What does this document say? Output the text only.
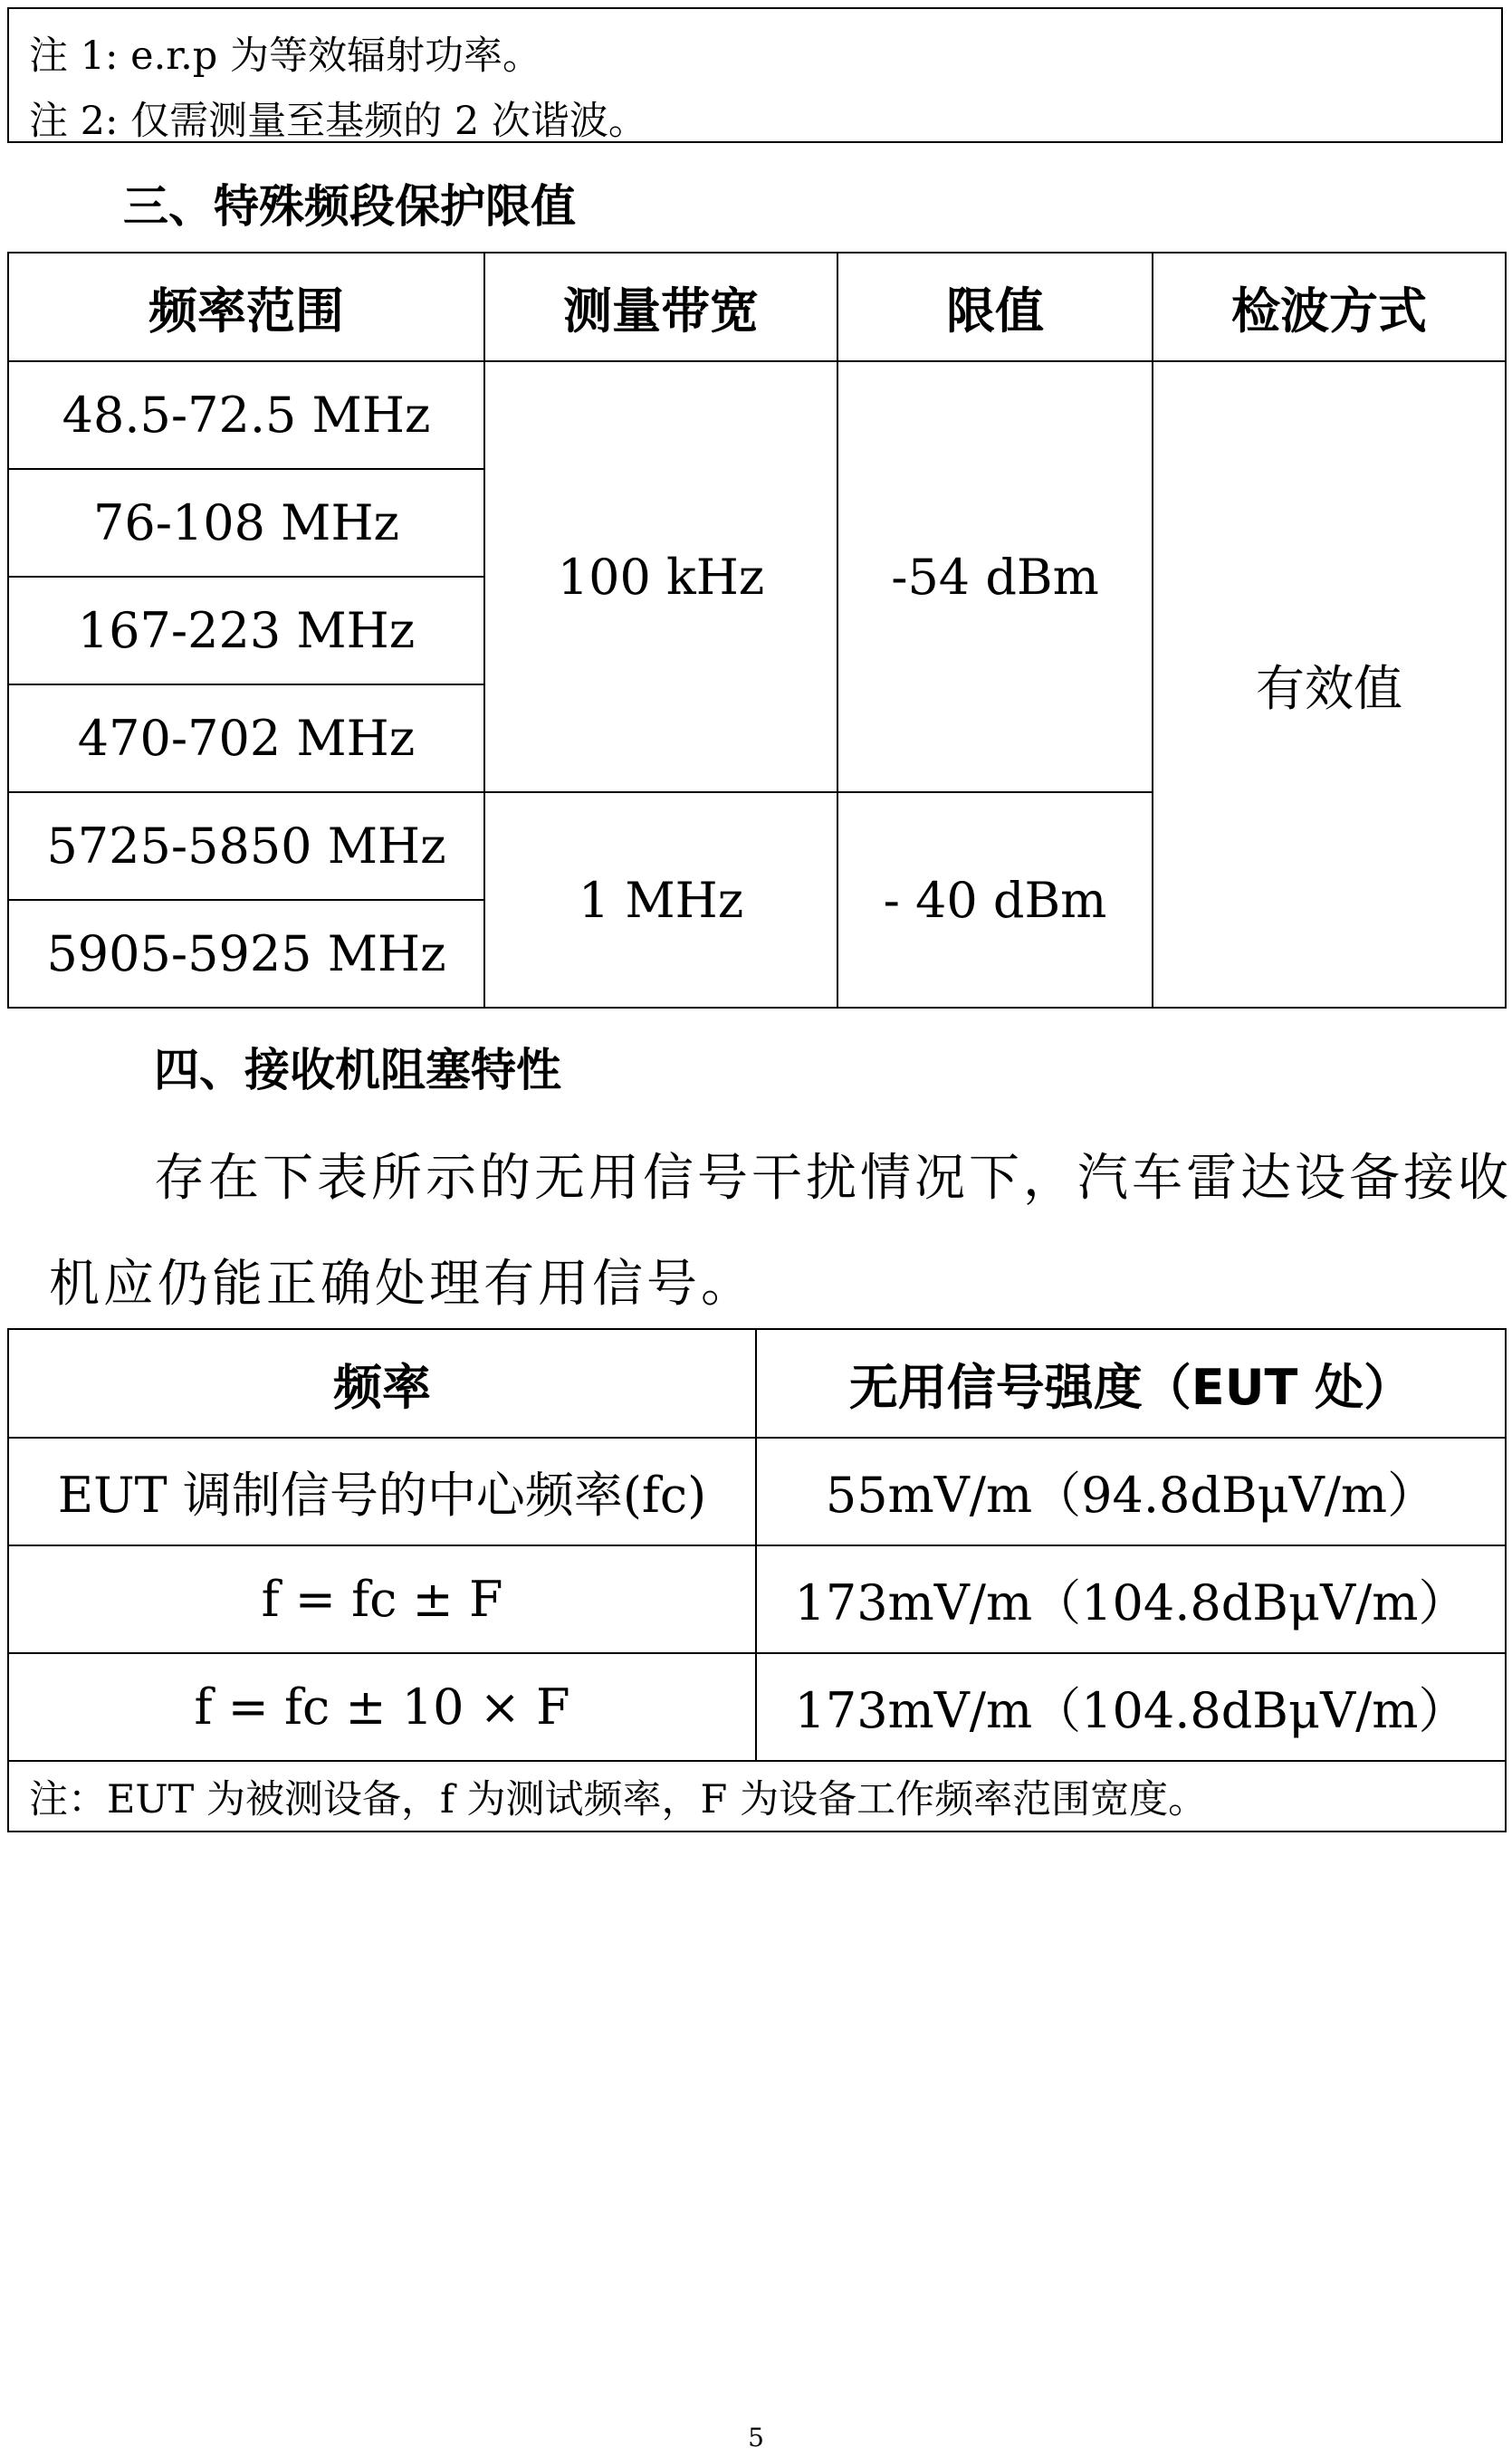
注 1: e.r.p 为等效辐射功率。
注 2: 仅需测量至基频的 2 次谐波。
三、特殊频段保护限值
频率范围	测量带宽	限值	检波方式
48.5-72.5 MHz	100 kHz	-54 dBm	有效值
76-108 MHz			
167-223 MHz			
470-702 MHz			
5725-5850 MHz	1 MHz	- 40 dBm	
5905-5925 MHz			
四、接收机阻塞特性
存在下表所示的无用信号干扰情况下，汽车雷达设备接收
机应仍能正确处理有用信号。
频率	无用信号强度（EUT 处）
EUT 调制信号的中心频率(fc)	55mV/m（94.8dBμV/m）
f = fc ± F	173mV/m（104.8dBμV/m）
f = fc ± 10 × F	173mV/m（104.8dBμV/m）
注：EUT 为被测设备，f 为测试频率，F 为设备工作频率范围宽度。	
5
